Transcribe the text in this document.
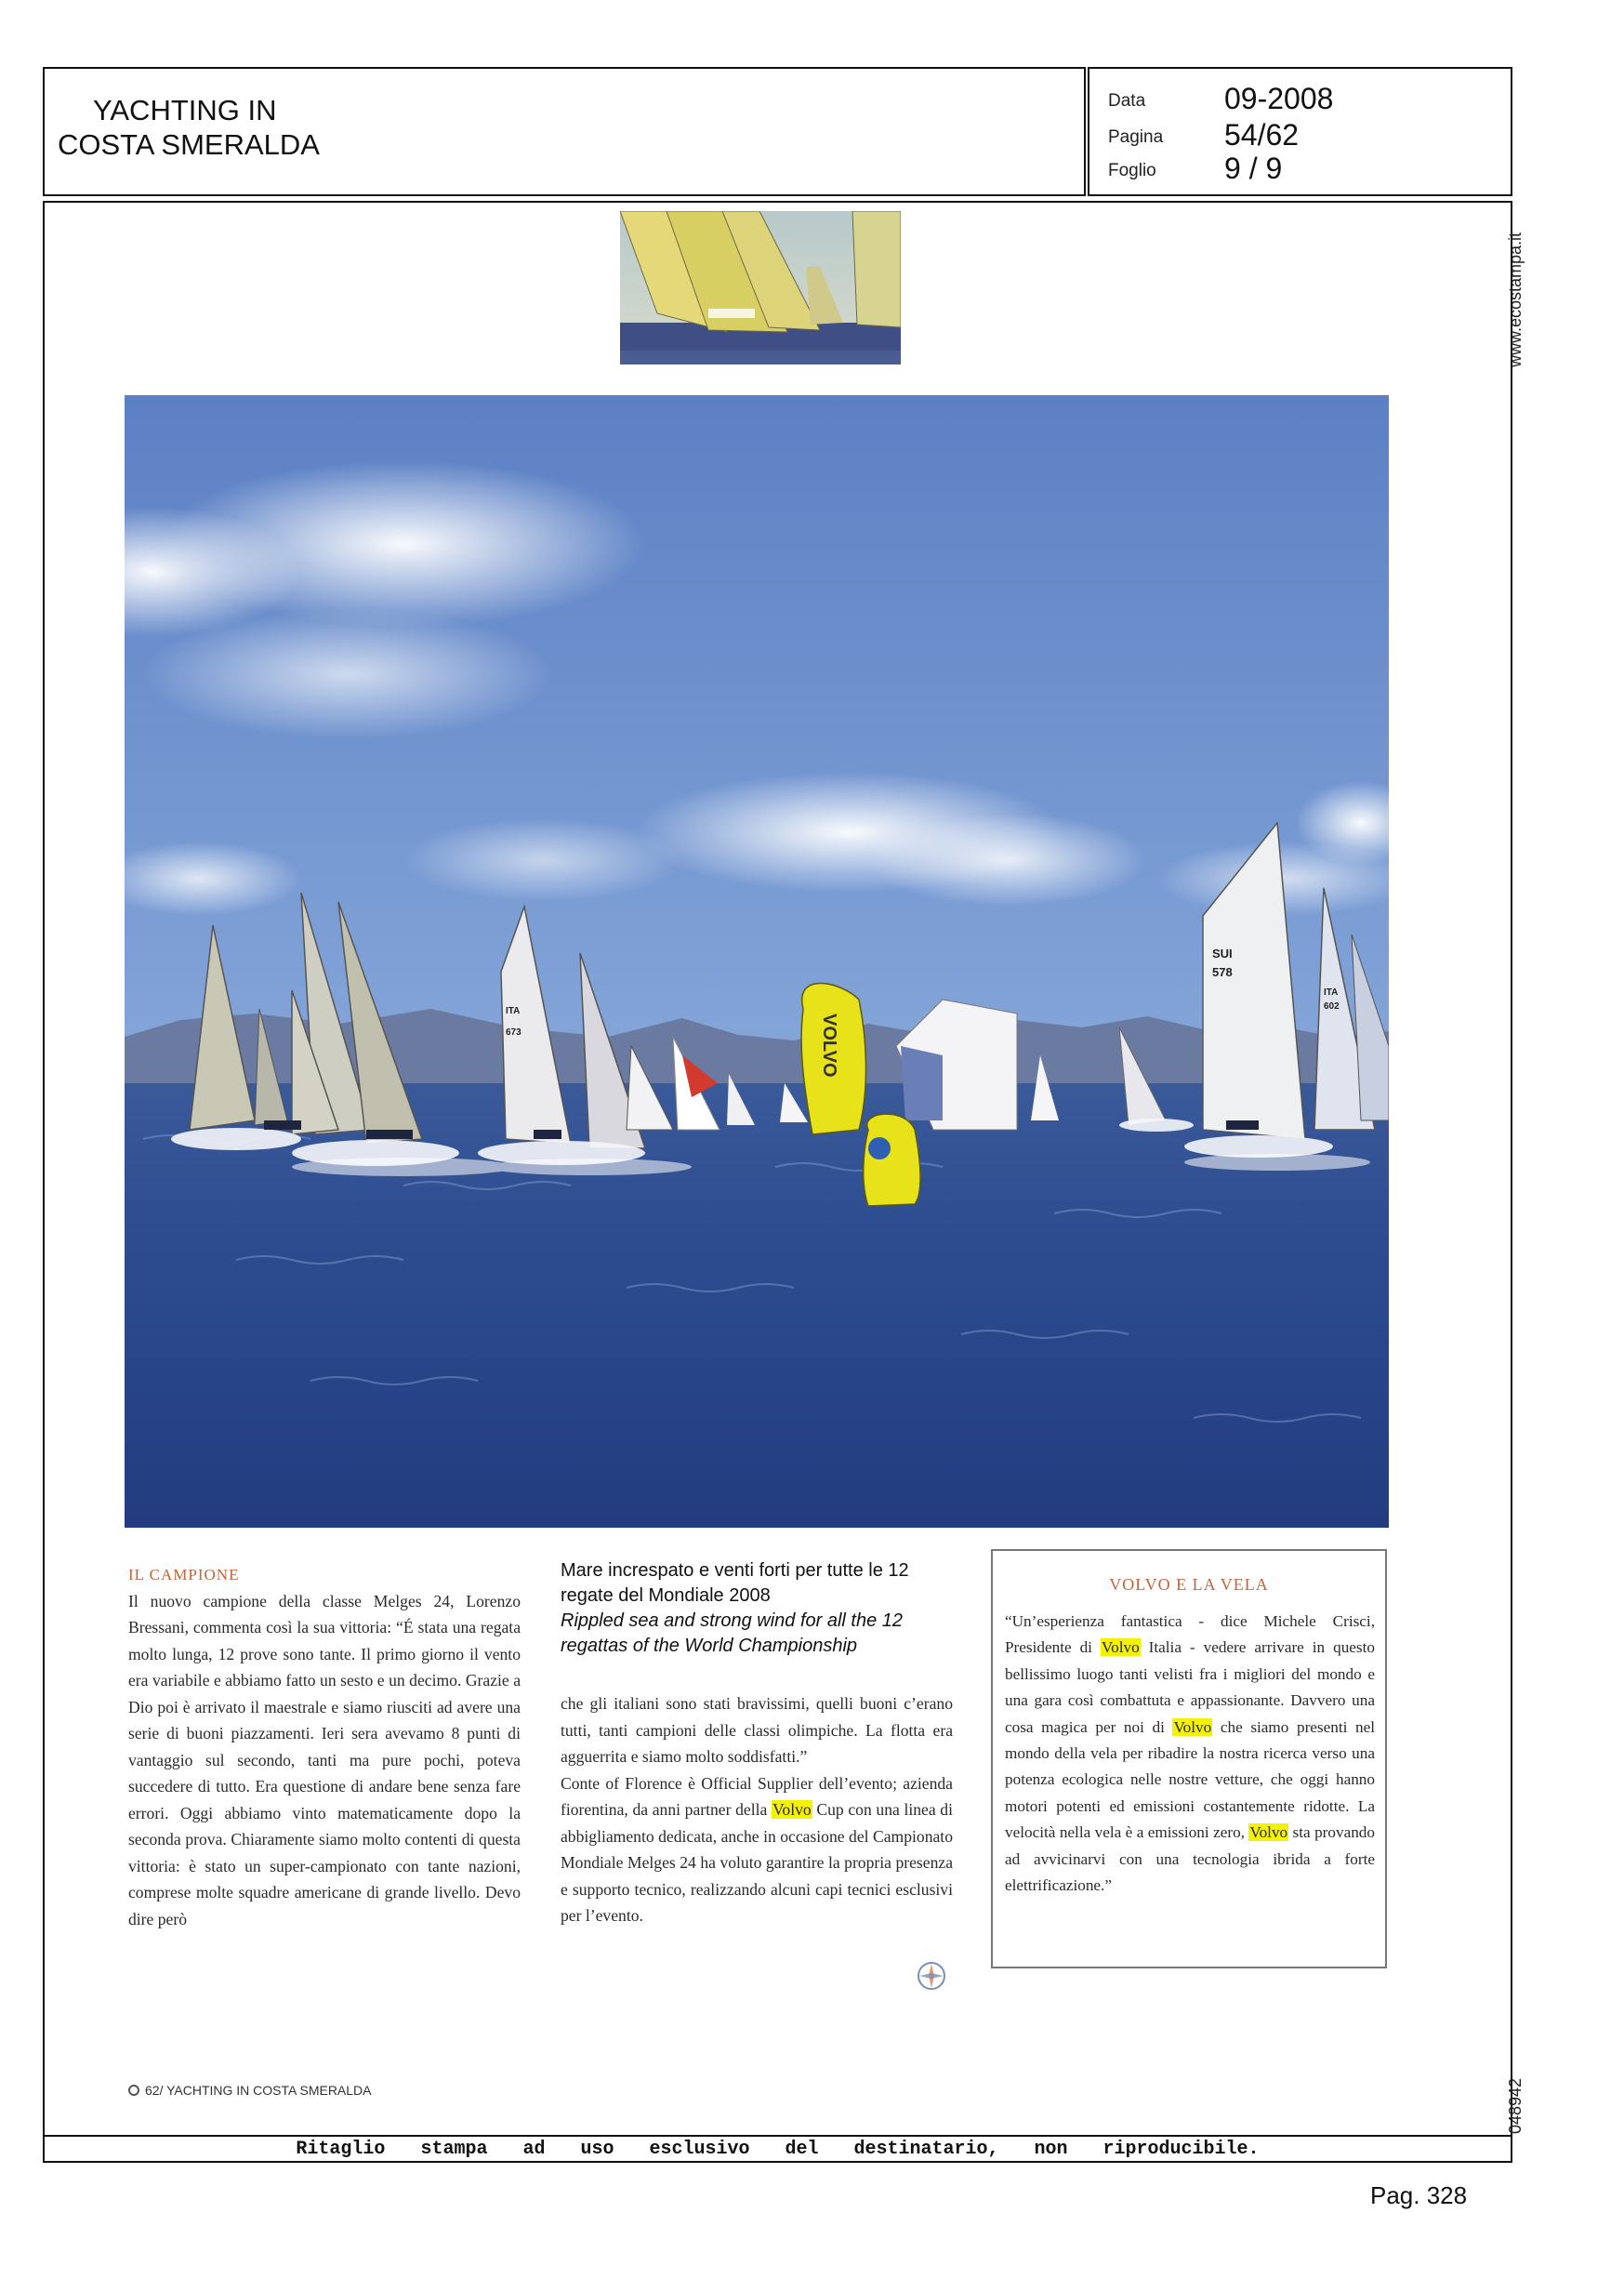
YACHTING IN
COSTA SMERALDA
Data	09-2008
Pagina 54/62
Foglio 9 / 9
www.ecostampa.it
048942
VOLVO
SUI
578
ITA
602
ITA
673
IL CAMPIONE
Il nuovo campione della classe Melges 24, Lorenzo Bressani, commenta così la sua vittoria: “É stata una regata molto lunga, 12 prove sono tante. Il primo giorno il vento era variabile e abbiamo fatto un sesto e un decimo. Grazie a Dio poi è arrivato il maestrale e siamo riusciti ad avere una serie di buoni piazzamenti. Ieri sera avevamo 8 punti di vantaggio sul secondo, tanti ma pure pochi, poteva succedere di tutto. Era questione di andare bene senza fare errori. Oggi abbiamo vinto matematicamente dopo la seconda prova. Chiaramente siamo molto contenti di questa vittoria: è stato un super-campionato con tante nazioni, comprese molte squadre americane di grande livello. Devo dire però
Mare increspato e venti forti per tutte le 12 regate del Mondiale 2008
Rippled sea and strong wind for all the 12 regattas of the World Championship
che gli italiani sono stati bravissimi, quelli buoni c’erano tutti, tanti campioni delle classi olimpiche. La flotta era agguerrita e siamo molto soddisfatti.”
Conte of Florence è Official Supplier dell’evento; azienda fiorentina, da anni partner della Volvo Cup con una linea di abbigliamento dedicata, anche in occasione del Campionato Mondiale Melges 24 ha voluto garantire la propria presenza e supporto tecnico, realizzando alcuni capi tecnici esclusivi per l’evento.
VOLVO E LA VELA
“Un’esperienza fantastica - dice Michele Crisci, Presidente di Volvo Italia - vedere arrivare in questo bellissimo luogo tanti velisti fra i migliori del mondo e una gara così combattuta e appassionante. Davvero una cosa magica per noi di Volvo che siamo presenti nel mondo della vela per ribadire la nostra ricerca verso una potenza ecologica nelle nostre vetture, che oggi hanno motori potenti ed emissioni costantemente ridotte. La velocità nella vela è a emissioni zero, Volvo sta provando ad avvicinarvi con una tecnologia ibrida a forte elettrificazione.”
62/ YACHTING IN COSTA SMERALDA
Ritaglio stampa ad uso esclusivo del destinatario, non riproducibile.
Pag. 328
